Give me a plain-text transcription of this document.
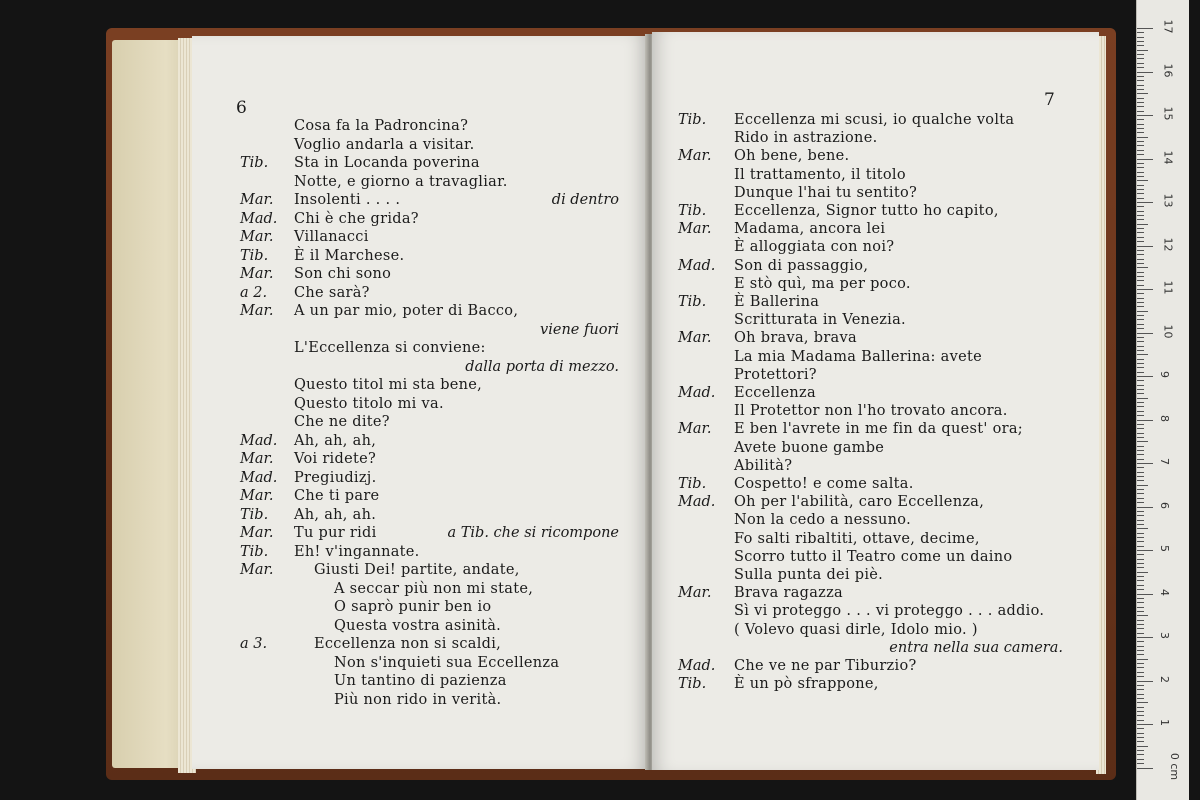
6
Cosa fa la Padroncina?
Voglio andarla a visitar.
Tib. Sta in Locanda poverina
Notte, e giorno a travagliar.
Mar. Insolenti . . . .	di dentro
Mad. Chi è che grida?
Mar. Villanacci
Tib. È il Marchese.
Mar. Son chi sono
a 2. Che sarà?
Mar. A un par mio, poter di Bacco,
viene fuori
L'Eccellenza si conviene:
dalla porta di mezzo.
Questo titol mi sta bene,
Questo titolo mi va.
Che ne dite?
Mad. Ah, ah, ah,
Mar. Voi ridete?
Mad. Pregiudizj.
Mar. Che ti pare
Tib. Ah, ah, ah.
Mar. Tu pur ridi	a Tib. che si ricompone
Tib. Eh! v'ingannate.
Mar.	Giusti Dei! partite, andate,
A seccar più non mi state,
O saprò punir ben io
Questa vostra asinità.
a 3.	Eccellenza non si scaldi,
Non s'inquieti sua Eccellenza
Un tantino di pazienza
Più non rido in verità.
7
Tib. Eccellenza mi scusi, io qualche volta
Rido in astrazione.
Mar. Oh bene, bene.
Il trattamento, il titolo
Dunque l'hai tu sentito?
Tib. Eccellenza, Signor tutto ho capito,
Mar. Madama, ancora lei
È alloggiata con noi?
Mad. Son di passaggio,
E stò quì, ma per poco.
Tib. È Ballerina
Scritturata in Venezia.
Mar. Oh brava, brava
La mia Madama Ballerina: avete
Protettori?
Mad. Eccellenza
Il Protettor non l'ho trovato ancora.
Mar. E ben l'avrete in me fin da quest' ora;
Avete buone gambe
Abilità?
Tib. Cospetto! e come salta.
Mad. Oh per l'abilità, caro Eccellenza,
Non la cedo a nessuno.
Fo salti ribaltiti, ottave, decime,
Scorro tutto il Teatro come un daino
Sulla punta dei piè.
Mar. Brava ragazza
Sì vi proteggo . . . vi proteggo . . . addio.
( Volevo quasi dirle, Idolo mio. )
entra nella sua camera.
Mad. Che ve ne par Tiburzio?
Tib. È un pò sfrappone,
17
16
15
14
13
12
11
10
9
8
7
6
5
4
3
2
1
0 cm
